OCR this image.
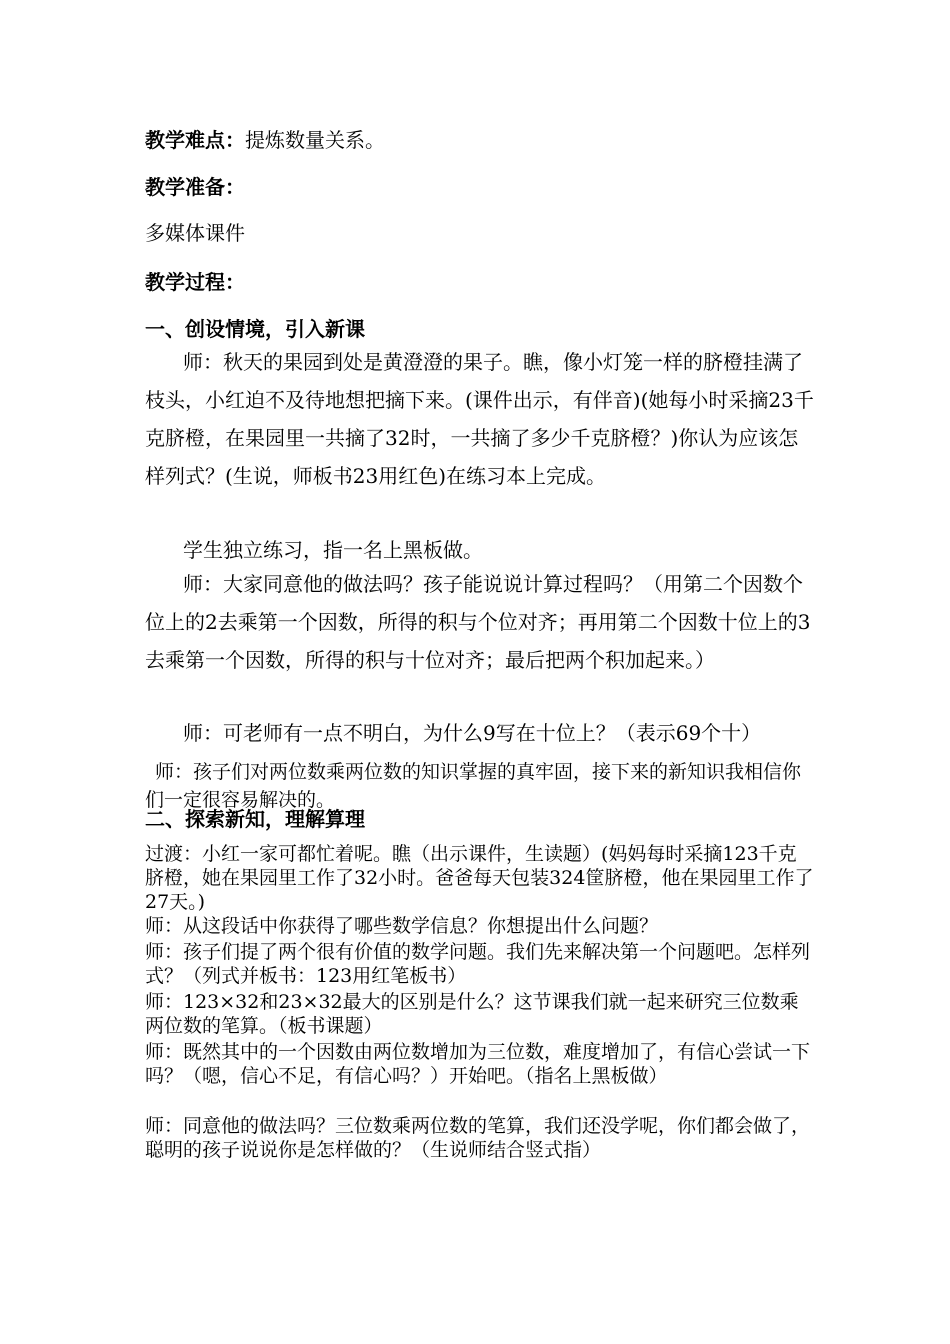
教学难点：提炼数量关系。
教学准备：
多媒体课件
教学过程：
一、创设情境，引入新课
师：秋天的果园到处是黄澄澄的果子。瞧，像小灯笼一样的脐橙挂满了枝头，小红迫不及待地想把摘下来。(课件出示，有伴音)(她每小时采摘23千克脐橙，在果园里一共摘了32时，一共摘了多少千克脐橙？)你认为应该怎样列式？(生说，师板书23用红色)在练习本上完成。
学生独立练习，指一名上黑板做。
师：大家同意他的做法吗？孩子能说说计算过程吗？（用第二个因数个位上的2去乘第一个因数，所得的积与个位对齐；再用第二个因数十位上的3去乘第一个因数，所得的积与十位对齐；最后把两个积加起来。）
师：可老师有一点不明白，为什么9写在十位上？（表示69个十）
师：孩子们对两位数乘两位数的知识掌握的真牢固，接下来的新知识我相信你们一定很容易解决的。
二、探索新知，理解算理
过渡：小红一家可都忙着呢。瞧（出示课件，生读题）(妈妈每时采摘123千克脐橙，她在果园里工作了32小时。爸爸每天包装324筐脐橙，他在果园里工作了27天。)
师：从这段话中你获得了哪些数学信息？你想提出什么问题？
师：孩子们提了两个很有价值的数学问题。我们先来解决第一个问题吧。怎样列式？（列式并板书：123用红笔板书）
师：123×32和23×32最大的区别是什么？这节课我们就一起来研究三位数乘两位数的笔算。（板书课题）
师：既然其中的一个因数由两位数增加为三位数，难度增加了，有信心尝试一下吗？（嗯，信心不足，有信心吗？）开始吧。（指名上黑板做）
师：同意他的做法吗？三位数乘两位数的笔算，我们还没学呢，你们都会做了，聪明的孩子说说你是怎样做的？（生说师结合竖式指）
